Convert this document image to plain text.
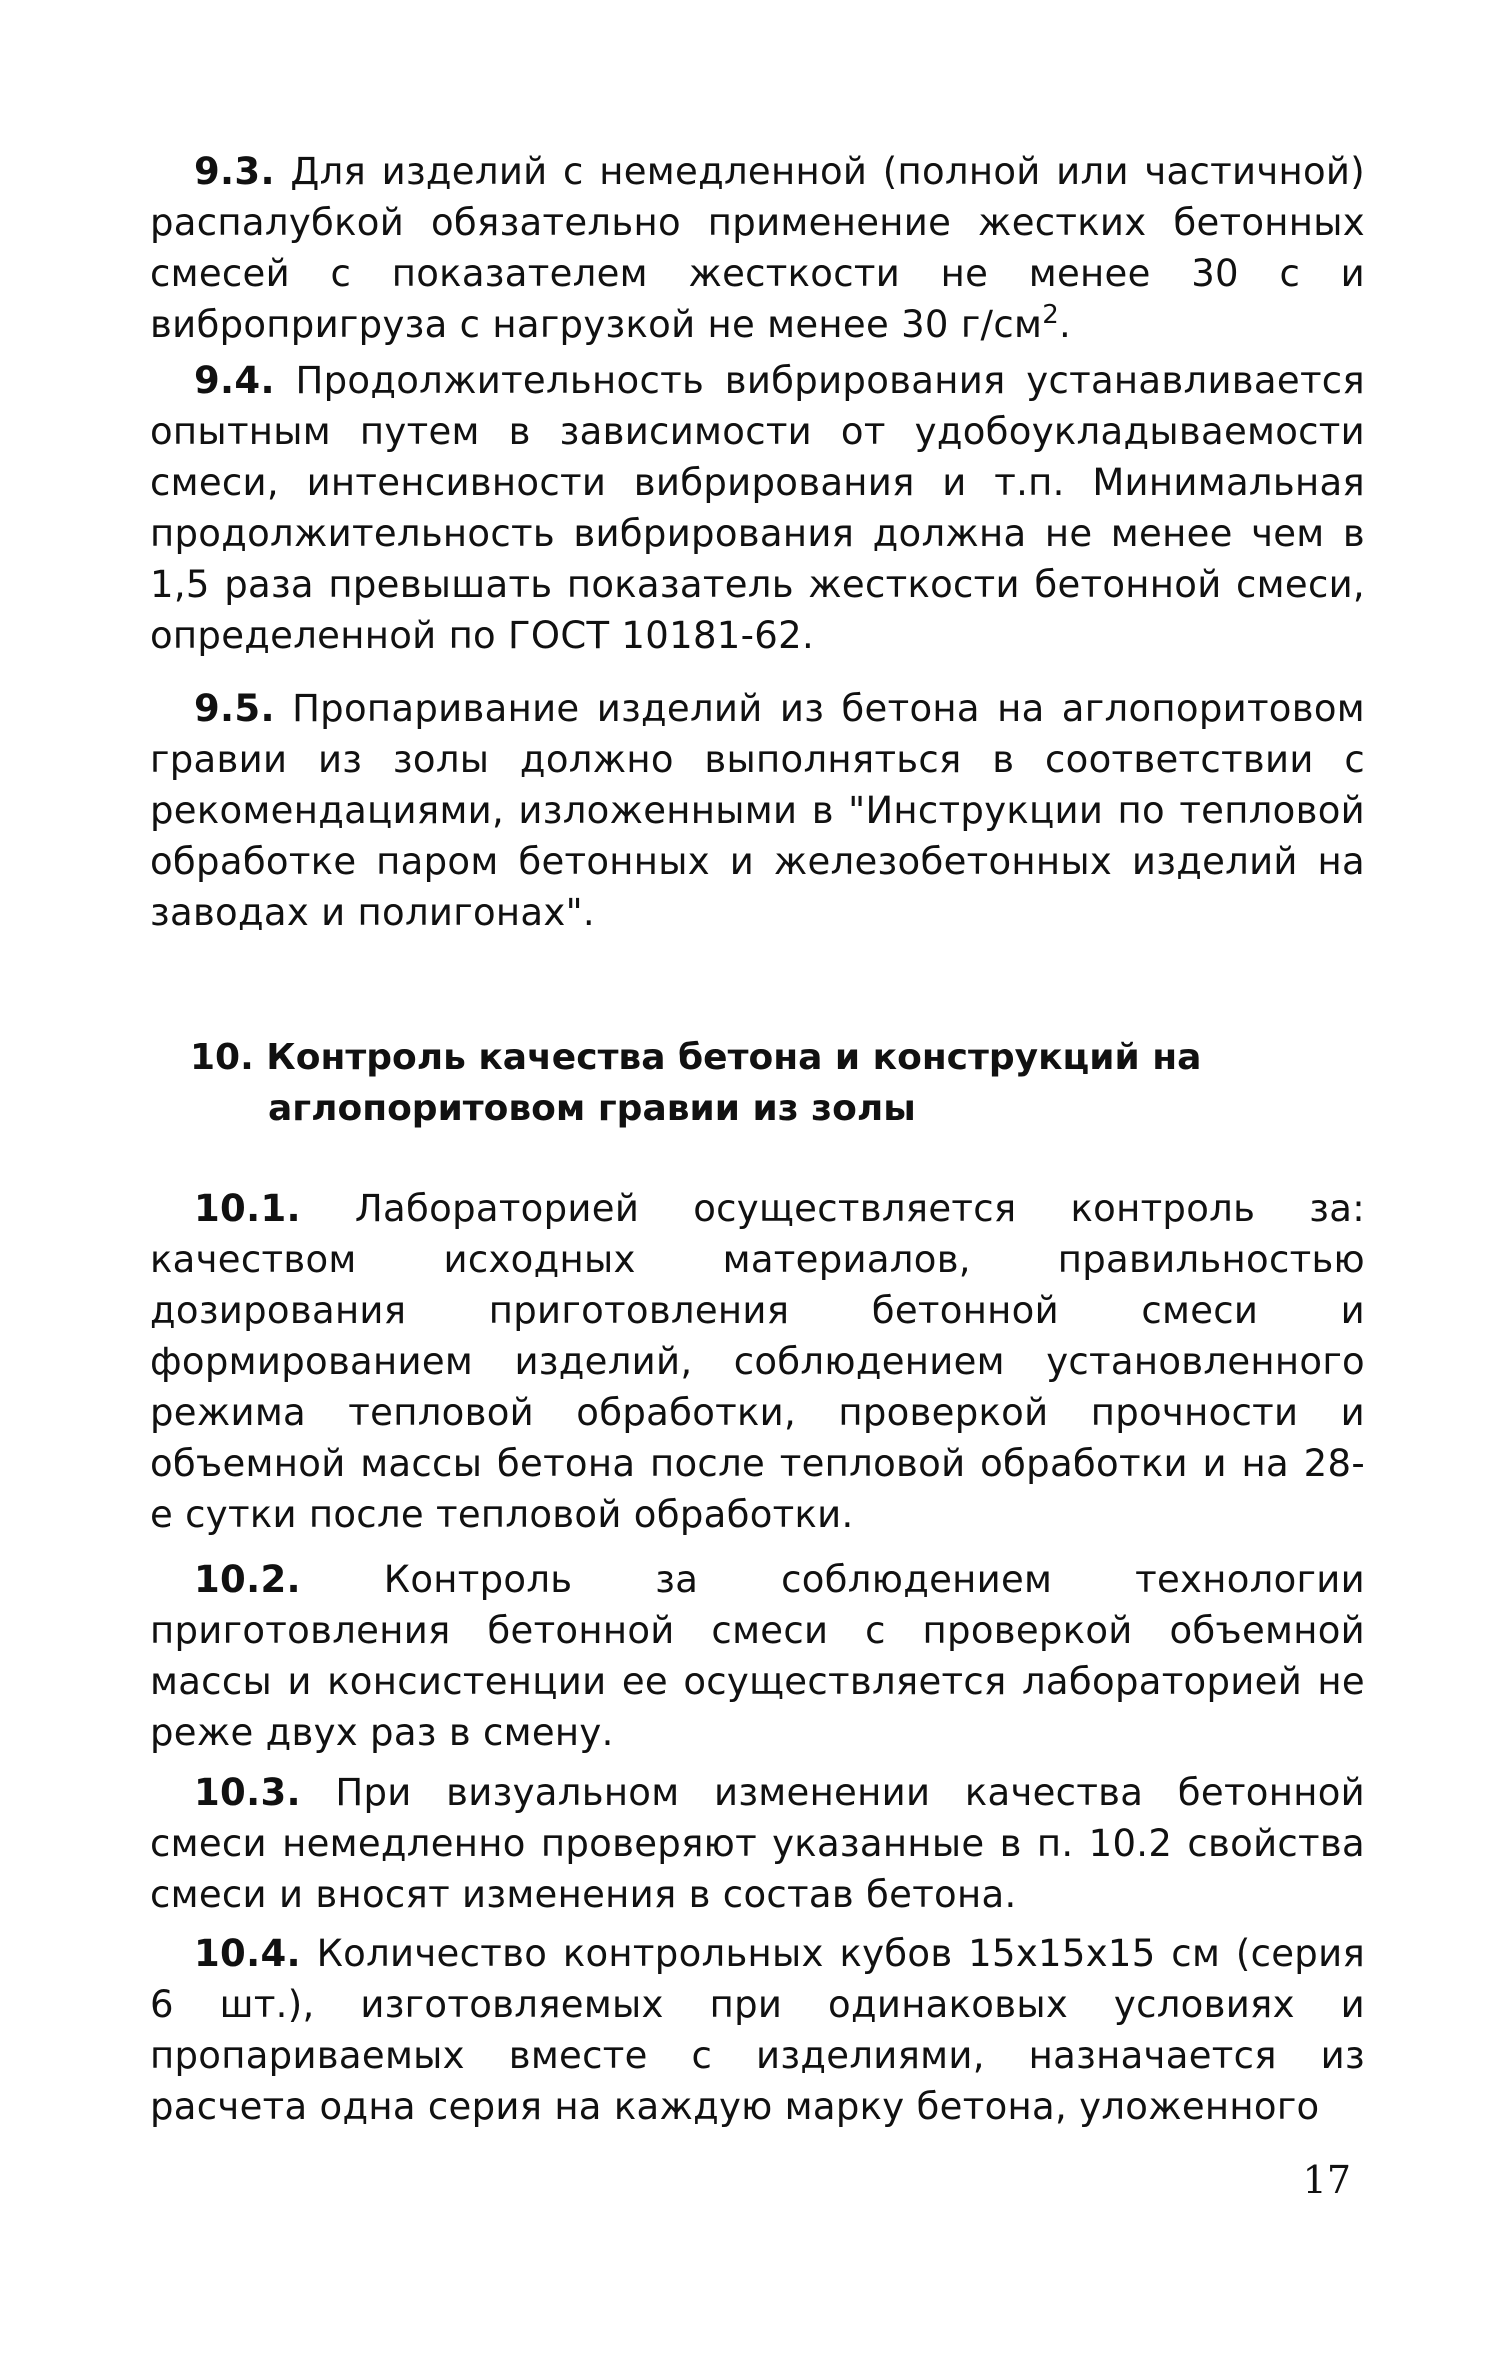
9.3. Для изделий с немедленной (полной или частичной) распалубкой обязательно применение жестких бетонных смесей с показателем жесткости не менее 30 с и вибропригруза с нагрузкой не менее 30 $г/см^2$.
9.4. Продолжительность вибрирования устанавливается опытным путем в зависимости от удобоукладываемости смеси, интенсивности вибрирования и т.п. Минимальная продолжительность вибрирования должна не менее чем в 1,5 раза превышать показатель жесткости бетонной смеси, определенной по ГОСТ 10181-62.
9.5. Пропаривание изделий из бетона на аглопоритовом гравии из золы должно выполняться в соответствии с рекомендациями, изложенными в "Инструкции по тепловой обработке паром бетонных и железобетонных изделий на заводах и полигонах".
10. Контроль качества бетона и конструкций на
аглопоритовом гравии из золы
10.1. Лабораторией осуществляется контроль за: качеством исходных материалов, правильностью дозирования приготовления бетонной смеси и формированием изделий, соблюдением установленного режима тепловой обработки, проверкой прочности и объемной массы бетона после тепловой обработки и на 28-е сутки после тепловой обработки.
10.2. Контроль за соблюдением технологии приготовления бетонной смеси с проверкой объемной массы и консистенции ее осуществляется лабораторией не реже двух раз в смену.
10.3. При визуальном изменении качества бетонной смеси немедленно проверяют указанные в п. 10.2 свойства смеси и вносят изменения в состав бетона.
10.4. Количество контрольных кубов 15х15х15 см (серия 6 шт.), изготовляемых при одинаковых условиях и пропариваемых вместе с изделиями, назначается из расчета одна серия на каждую марку бетона, уложенного
17
